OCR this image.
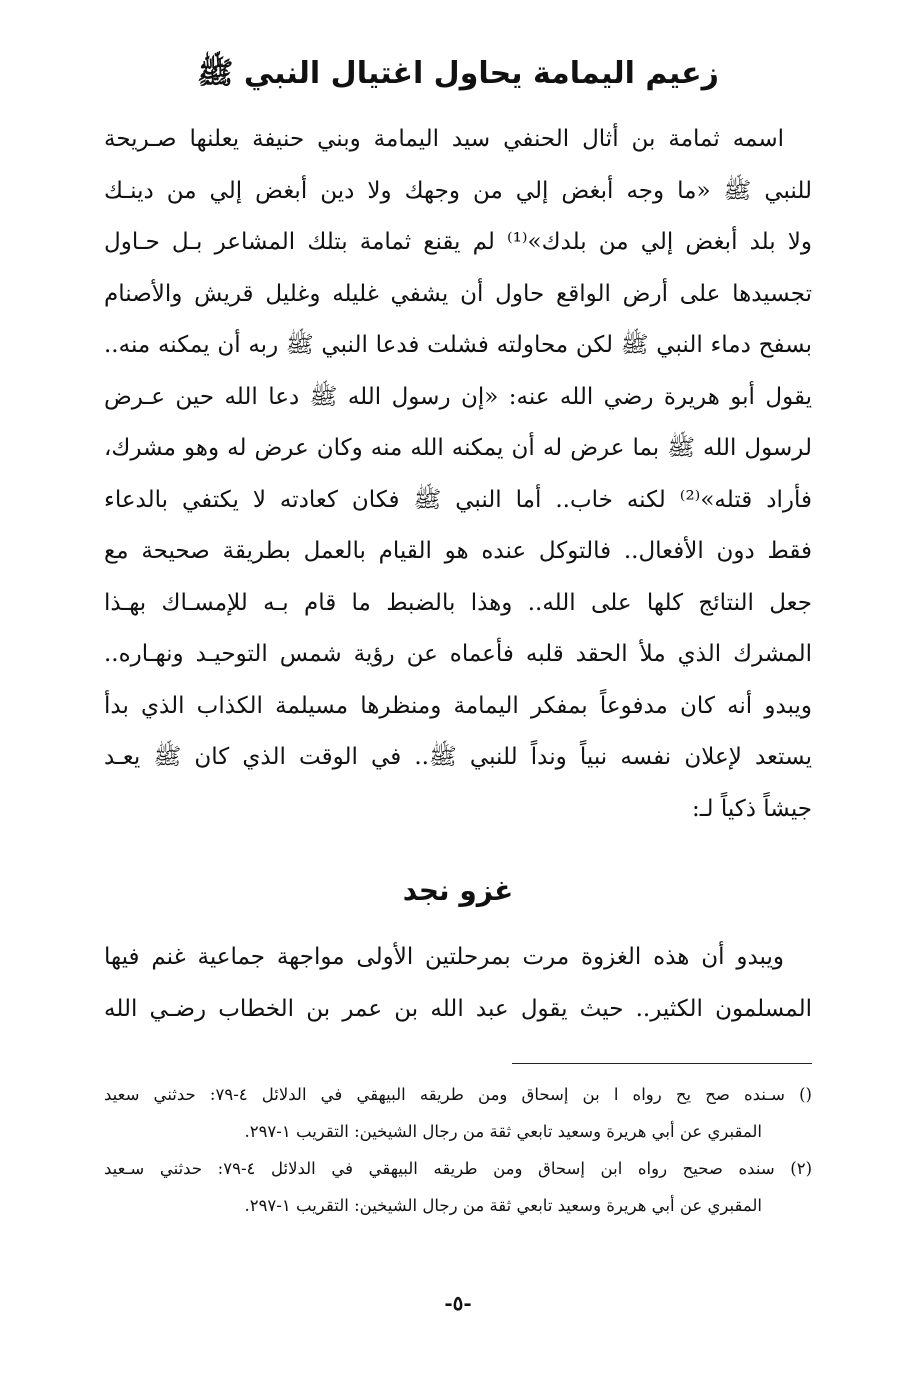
زعيم اليمامة يحاول اغتيال النبي ﷺ
اسمه ثمامة بن أثال الحنفي سيد اليمامة وبني حنيفة يعلنها صـريحة
للنبي ﷺ «ما وجه أبغض إلي من وجهك ولا دين أبغض إلي من دينـك
ولا بلد أبغض إلي من بلدك»⁽¹⁾ لم يقنع ثمامة بتلك المشاعر بـل حـاول
تجسيدها على أرض الواقع حاول أن يشفي غليله وغليل قريش والأصنام
بسفح دماء النبي ﷺ لكن محاولته فشلت فدعا النبي ﷺ ربه أن يمكنه منه..
يقول أبو هريرة رضي الله عنه: «إن رسول الله ﷺ دعا الله حين عـرض
لرسول الله ﷺ بما عرض له أن يمكنه الله منه وكان عرض له وهو مشرك،
فأراد قتله»⁽²⁾ لكنه خاب.. أما النبي ﷺ فكان كعادته لا يكتفي بالدعاء
فقط دون الأفعال.. فالتوكل عنده هو القيام بالعمل بطريقة صحيحة مع
جعل النتائج كلها على الله.. وهذا بالضبط ما قام بـه للإمسـاك بهـذا
المشرك الذي ملأ الحقد قلبه فأعماه عن رؤية شمس التوحيـد ونهـاره..
ويبدو أنه كان مدفوعاً بمفكر اليمامة ومنظرها مسيلمة الكذاب الذي بدأ
يستعد لإعلان نفسه نبياً ونداً للنبي ﷺ.. في الوقت الذي كان ﷺ يعـد
جيشاً ذكياً لـ:
غزو نجد
ويبدو أن هذه الغزوة مرت بمرحلتين الأولى مواجهة جماعية غنم فيها
المسلمون الكثير.. حيث يقول عبد الله بن عمر بن الخطاب رضـي الله
() سـنده صح يح رواه ا بن إسحاق ومن طريقه البيهقي في الدلائل ٤-٧٩: حدثني سعيد
المقبري عن أبي هريرة وسعيد تابعي ثقة من رجال الشيخين: التقريب ١-٢٩٧.
(٢) سنده صحيح رواه ابن إسحاق ومن طريقه البيهقي في الدلائل ٤-٧٩: حدثني سـعيد
المقبري عن أبي هريرة وسعيد تابعي ثقة من رجال الشيخين: التقريب ١-٢٩٧.
-٥-
